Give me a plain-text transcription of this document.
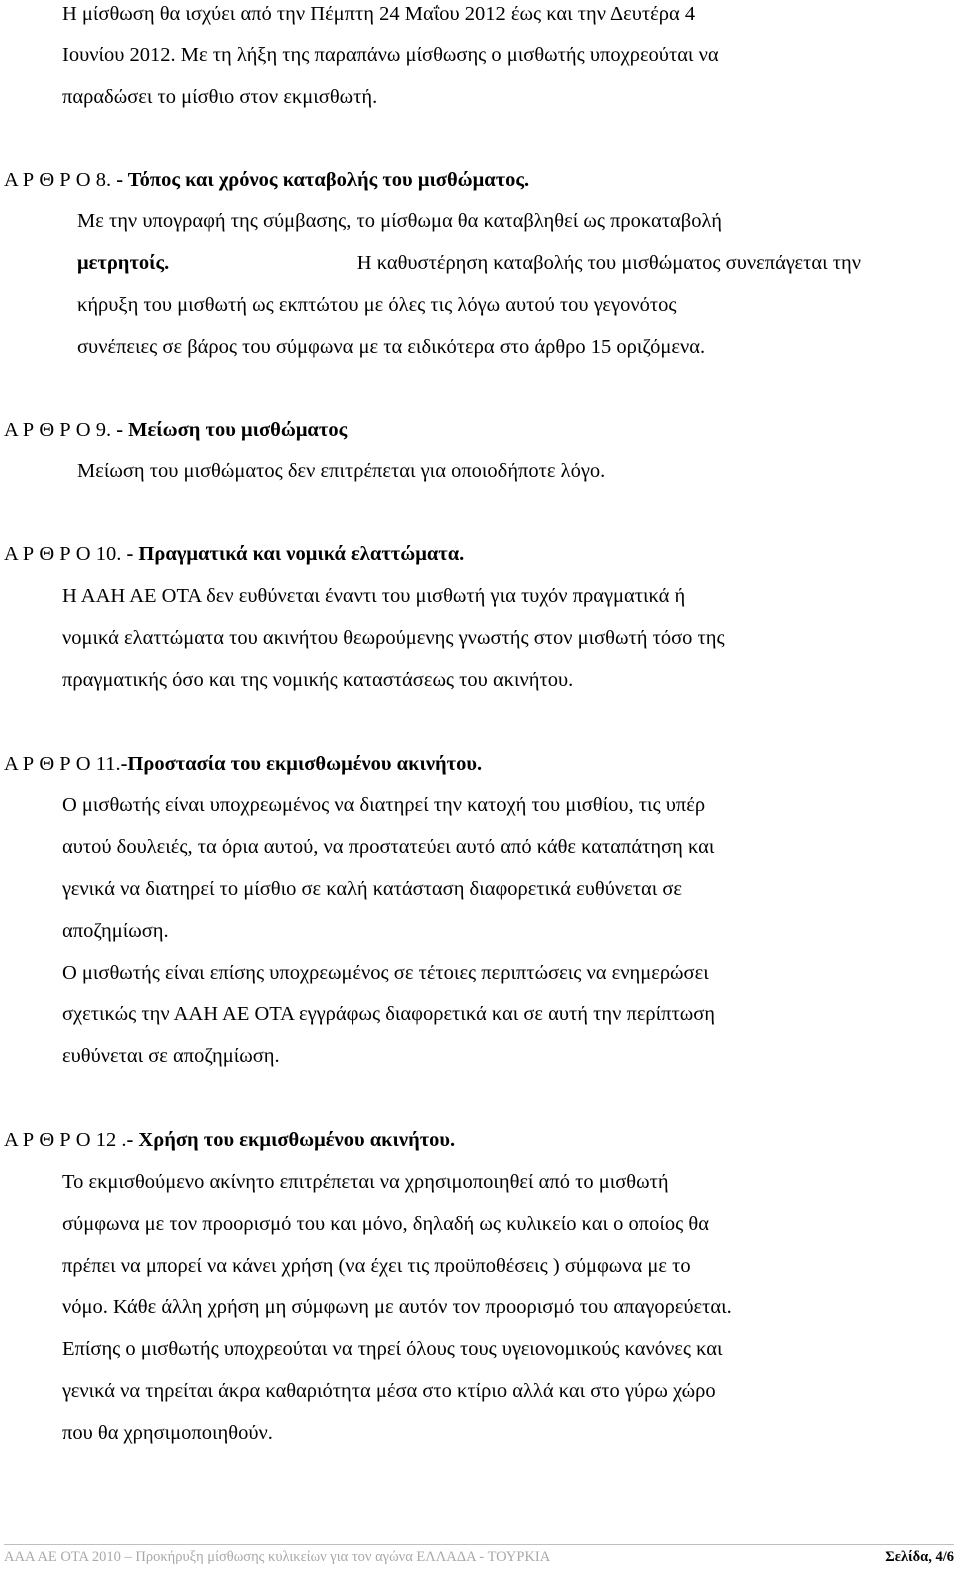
Η μίσθωση θα ισχύει από την Πέμπτη 24 Μαΐου 2012 έως και την Δευτέρα 4
Ιουνίου 2012. Με τη λήξη της παραπάνω μίσθωσης ο μισθωτής υποχρεούται να
παραδώσει το μίσθιο στον εκμισθωτή.
Α Ρ Θ Ρ Ο 8. - Τόπος και χρόνος καταβολής του μισθώματος.
Με την υπογραφή της σύμβασης, το μίσθωμα θα καταβληθεί ως προκαταβολή
μετρητοίς.	Η καθυστέρηση καταβολής του μισθώματος συνεπάγεται την
κήρυξη του μισθωτή ως εκπτώτου με όλες τις λόγω αυτού του γεγονότος
συνέπειες σε βάρος του σύμφωνα με τα ειδικότερα στο άρθρο 15 οριζόμενα.
Α Ρ Θ Ρ Ο 9. - Μείωση του μισθώματος
Μείωση του μισθώματος δεν επιτρέπεται για οποιοδήποτε λόγο.
Α Ρ Θ Ρ Ο 10. - Πραγματικά και νομικά ελαττώματα.
Η ΑΑΗ ΑΕ ΟΤΑ δεν ευθύνεται έναντι του μισθωτή για τυχόν πραγματικά ή
νομικά ελαττώματα του ακινήτου θεωρούμενης γνωστής στον μισθωτή τόσο της
πραγματικής όσο και της νομικής καταστάσεως του ακινήτου.
Α Ρ Θ Ρ Ο 11.-Προστασία του εκμισθωμένου ακινήτου.
Ο μισθωτής είναι υποχρεωμένος να διατηρεί την κατοχή του μισθίου, τις υπέρ
αυτού δουλειές, τα όρια αυτού, να προστατεύει αυτό από κάθε καταπάτηση και
γενικά να διατηρεί το μίσθιο σε καλή κατάσταση διαφορετικά ευθύνεται σε
αποζημίωση.
Ο μισθωτής είναι επίσης υποχρεωμένος σε τέτοιες περιπτώσεις να ενημερώσει
σχετικώς την ΑΑΗ ΑΕ ΟΤΑ εγγράφως διαφορετικά και σε αυτή την περίπτωση
ευθύνεται σε αποζημίωση.
Α Ρ Θ Ρ Ο 12 .- Χρήση του εκμισθωμένου ακινήτου.
Το εκμισθούμενο ακίνητο επιτρέπεται να χρησιμοποιηθεί από το μισθωτή
σύμφωνα με τον προορισμό του και μόνο, δηλαδή ως κυλικείο και ο οποίος θα
πρέπει να μπορεί να κάνει χρήση (να έχει τις προϋποθέσεις ) σύμφωνα με το
νόμο. Κάθε άλλη χρήση μη σύμφωνη με αυτόν τον προορισμό του απαγορεύεται.
Επίσης ο μισθωτής υποχρεούται να τηρεί όλους τους υγειονομικούς κανόνες και
γενικά να τηρείται άκρα καθαριότητα μέσα στο κτίριο αλλά και στο γύρω χώρο
που θα χρησιμοποιηθούν.
ΑΑΑ ΑΕ ΟΤΑ 2010 – Προκήρυξη μίσθωσης κυλικείων για τον αγώνα ΕΛΛΑΔΑ - ΤΟΥΡΚΙΑ	Σελίδα, 4/6
